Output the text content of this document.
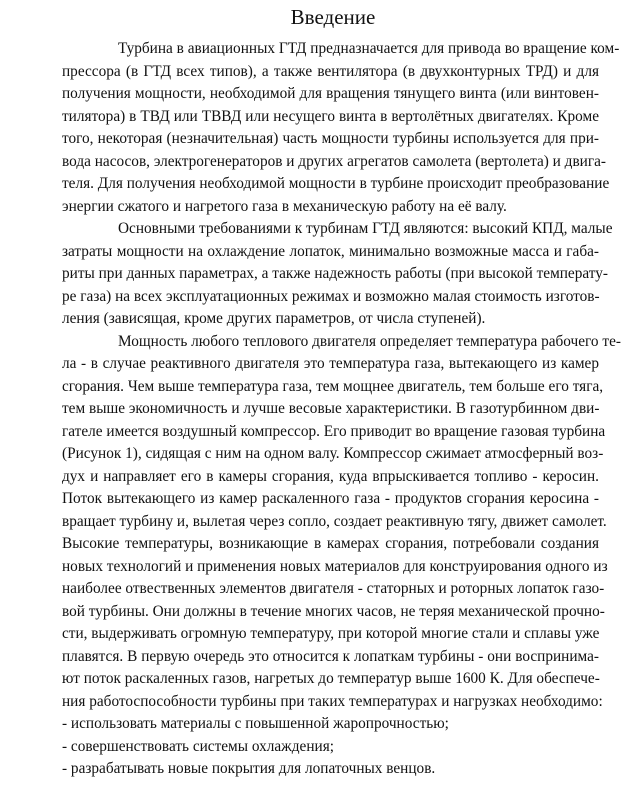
Введение
Турбина в авиационных ГТД предназначается для привода во вращение ком-
прессора (в ГТД всех типов), а также вентилятора (в двухконтурных ТРД) и для
получения мощности, необходимой для вращения тянущего винта (или винтовен-
тилятора) в ТВД или ТВВД или несущего винта в вертолётных двигателях. Кроме
того, некоторая (незначительная) часть мощности турбины используется для при-
вода насосов, электрогенераторов и других агрегатов самолета (вертолета) и двига-
теля. Для получения необходимой мощности в турбине происходит преобразование
энергии сжатого и нагретого газа в механическую работу на её валу.
Основными требованиями к турбинам ГТД являются: высокий КПД, малые
затраты мощности на охлаждение лопаток, минимально возможные масса и габа-
риты при данных параметрах, а также надежность работы (при высокой температу-
ре газа) на всех эксплуатационных режимах и возможно малая стоимость изготов-
ления (зависящая, кроме других параметров, от числа ступеней).
Мощность любого теплового двигателя определяет температура рабочего те-
ла - в случае реактивного двигателя это температура газа, вытекающего из камер
сгорания. Чем выше температура газа, тем мощнее двигатель, тем больше его тяга,
тем выше экономичность и лучше весовые характеристики. В газотурбинном дви-
гателе имеется воздушный компрессор. Его приводит во вращение газовая турбина
(Рисунок 1), сидящая с ним на одном валу. Компрессор сжимает атмосферный воз-
дух и направляет его в камеры сгорания, куда впрыскивается топливо - керосин.
Поток вытекающего из камер раскаленного газа - продуктов сгорания керосина -
вращает турбину и, вылетая через сопло, создает реактивную тягу, движет самолет.
Высокие температуры, возникающие в камерах сгорания, потребовали создания
новых технологий и применения новых материалов для конструирования одного из
наиболее отвественных элементов двигателя - статорных и роторных лопаток газо-
вой турбины. Они должны в течение многих часов, не теряя механической прочно-
сти, выдерживать огромную температуру, при которой многие стали и сплавы уже
плавятся. В первую очередь это относится к лопаткам турбины - они воспринима-
ют поток раскаленных газов, нагретых до температур выше 1600 К. Для обеспече-
ния работоспособности турбины при таких температурах и нагрузках необходимо:
- использовать материалы с повышенной жаропрочностью;
- совершенствовать системы охлаждения;
- разрабатывать новые покрытия для лопаточных венцов.
